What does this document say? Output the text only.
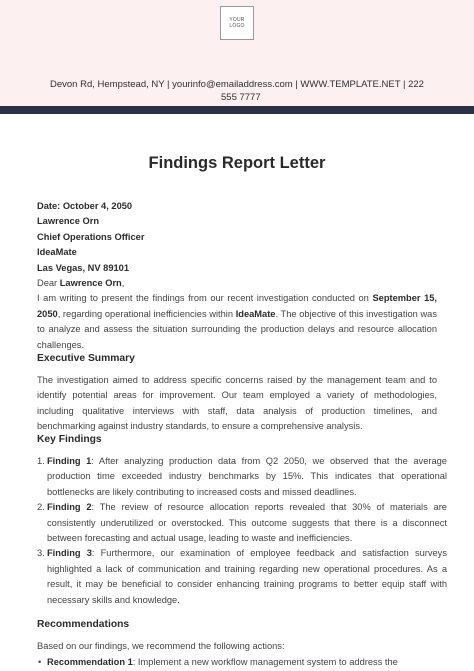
YOUR LOGO
Devon Rd, Hempstead, NY | yourinfo@emailaddress.com | WWW.TEMPLATE.NET | 222
555 7777
Findings Report Letter
Date: October 4, 2050
Lawrence Orn
Chief Operations Officer
IdeaMate
Las Vegas, NV 89101
Dear Lawrence Orn,
I am writing to present the findings from our recent investigation conducted on September 15, 2050, regarding operational inefficiencies within IdeaMate. The objective of this investigation was to analyze and assess the situation surrounding the production delays and resource allocation challenges.
Executive Summary
The investigation aimed to address specific concerns raised by the management team and to identify potential areas for improvement. Our team employed a variety of methodologies, including qualitative interviews with staff, data analysis of production timelines, and benchmarking against industry standards, to ensure a comprehensive analysis.
Key Findings
1. Finding 1: After analyzing production data from Q2 2050, we observed that the average production time exceeded industry benchmarks by 15%. This indicates that operational bottlenecks are likely contributing to increased costs and missed deadlines.
2. Finding 2: The review of resource allocation reports revealed that 30% of materials are consistently underutilized or overstocked. This outcome suggests that there is a disconnect between forecasting and actual usage, leading to waste and inefficiencies.
3. Finding 3: Furthermore, our examination of employee feedback and satisfaction surveys highlighted a lack of communication and training regarding new operational procedures. As a result, it may be beneficial to consider enhancing training programs to better equip staff with necessary skills and knowledge.
Recommendations
Based on our findings, we recommend the following actions:
• Recommendation 1: Implement a new workflow management system to address the
